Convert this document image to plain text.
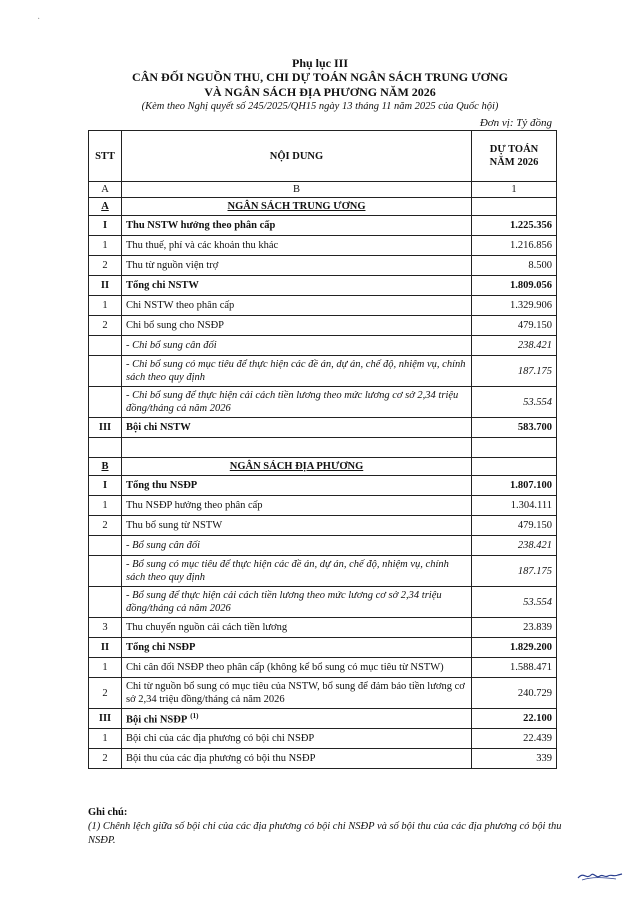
·
Phụ lục III
CÂN ĐỐI NGUỒN THU, CHI DỰ TOÁN NGÂN SÁCH TRUNG ƯƠNG
VÀ NGÂN SÁCH ĐỊA PHƯƠNG NĂM 2026
(Kèm theo Nghị quyết số 245/2025/QH15 ngày 13 tháng 11 năm 2025 của Quốc hội)
Đơn vị: Tỷ đồng
STT	NỘI DUNG	DỰ TOÁN
NĂM 2026

A	B	1
A	NGÂN SÁCH TRUNG ƯƠNG	
I	Thu NSTW hưởng theo phân cấp	1.225.356
1	Thu thuế, phí và các khoản thu khác	1.216.856
2	Thu từ nguồn viện trợ	8.500
II	Tổng chi NSTW	1.809.056
1	Chi NSTW theo phân cấp	1.329.906
2	Chi bổ sung cho NSĐP	479.150
	- Chi bổ sung cân đối	238.421
	- Chi bổ sung có mục tiêu để thực hiện các đề án, dự án, chế độ, nhiệm vụ, chính sách theo quy định	187.175
	- Chi bổ sung để thực hiện cải cách tiền lương theo mức lương cơ sở 2,34 triệu đồng/tháng cả năm 2026	53.554
III	Bội chi NSTW	583.700

B	NGÂN SÁCH ĐỊA PHƯƠNG	
I	Tổng thu NSĐP	1.807.100
1	Thu NSĐP hưởng theo phân cấp	1.304.111
2	Thu bổ sung từ NSTW	479.150
	- Bổ sung cân đối	238.421
	- Bổ sung có mục tiêu để thực hiện các đề án, dự án, chế độ, nhiệm vụ, chính sách theo quy định	187.175
	- Bổ sung để thực hiện cải cách tiền lương theo mức lương cơ sở 2,34 triệu đồng/tháng cả năm 2026	53.554
3	Thu chuyển nguồn cải cách tiền lương	23.839
II	Tổng chi NSĐP	1.829.200
1	Chi cân đối NSĐP theo phân cấp (không kể bổ sung có mục tiêu từ NSTW)	1.588.471
2	Chi từ nguồn bổ sung có mục tiêu của NSTW, bổ sung để đảm bảo tiền lương cơ sở 2,34 triệu đồng/tháng cả năm 2026	240.729
III	Bội chi NSĐP $^{(1)}$	22.100
1	Bội chi của các địa phương có bội chi NSĐP	22.439
2	Bội thu của các địa phương có bội thu NSĐP	339
Ghi chú:
(1) Chênh lệch giữa số bội chi của các địa phương có bội chi NSĐP và số bội thu của các địa phương có bội thu NSĐP.
